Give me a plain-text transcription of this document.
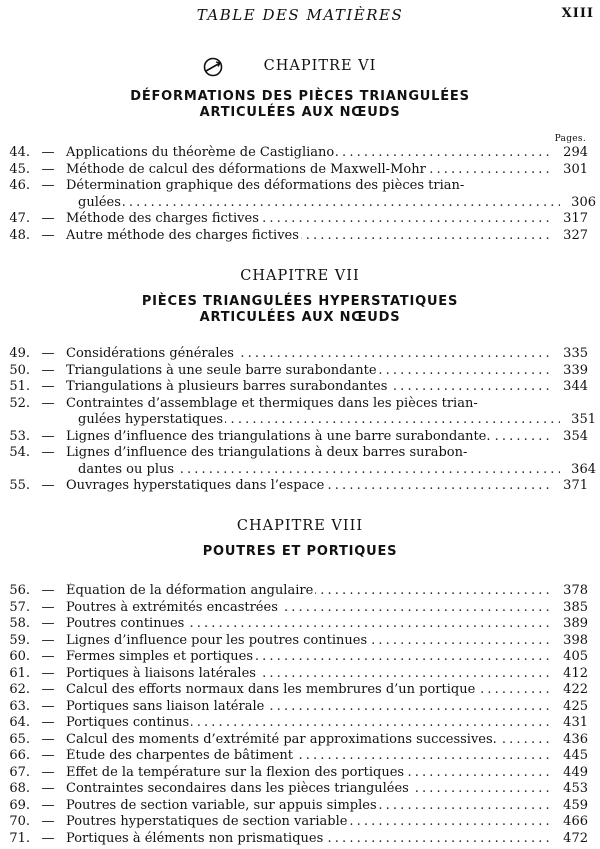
TABLE DES MATIÈRES	XIII
CHAPITRE VI
DÉFORMATIONS DES PIÈCES TRIANGULÉES
ARTICULÉES AUX NŒUDS
Pages.
44. — Applications du théorème de Castigliano . . .	294
45. — Méthode de calcul des déformations de Maxwell-Mohr . . .	301
46. — Détermination graphique des déformations des pièces trian-
gulées . . .	306
47. — Méthode des charges fictives . . .	317
48. — Autre méthode des charges fictives . . .	327
CHAPITRE VII
PIÈCES TRIANGULÉES HYPERSTATIQUES
ARTICULÉES AUX NŒUDS
49. — Considérations générales . . .	335
50. — Triangulations à une seule barre surabondante . . .	339
51. — Triangulations à plusieurs barres surabondantes . . .	344
52. — Contraintes d’assemblage et thermiques dans les pièces trian-
gulées hyperstatiques . . .	351
53. — Lignes d’influence des triangulations à une barre surabondante. . . .	354
54. — Lignes d’influence des triangulations à deux barres surabon-
dantes ou plus . . .	364
55. — Ouvrages hyperstatiques dans l’espace . . .	371
CHAPITRE VIII
POUTRES ET PORTIQUES
56. — Équation de la déformation angulaire . . .	378
57. — Poutres à extrémités encastrées . . .	385
58. — Poutres continues . . .	389
59. — Lignes d’influence pour les poutres continues . . .	398
60. — Fermes simples et portiques . . .	405
61. — Portiques à liaisons latérales . . .	412
62. — Calcul des efforts normaux dans les membrures d’un portique . . .	422
63. — Portiques sans liaison latérale . . .	425
64. — Portiques continus . . .	431
65. — Calcul des moments d’extrémité par approximations successives. . . .	436
66. — Étude des charpentes de bâtiment . . .	445
67. — Effet de la température sur la flexion des portiques . . .	449
68. — Contraintes secondaires dans les pièces triangulées . . .	453
69. — Poutres de section variable, sur appuis simples . . .	459
70. — Poutres hyperstatiques de section variable . . .	466
71. — Portiques à éléments non prismatiques . . .	472
